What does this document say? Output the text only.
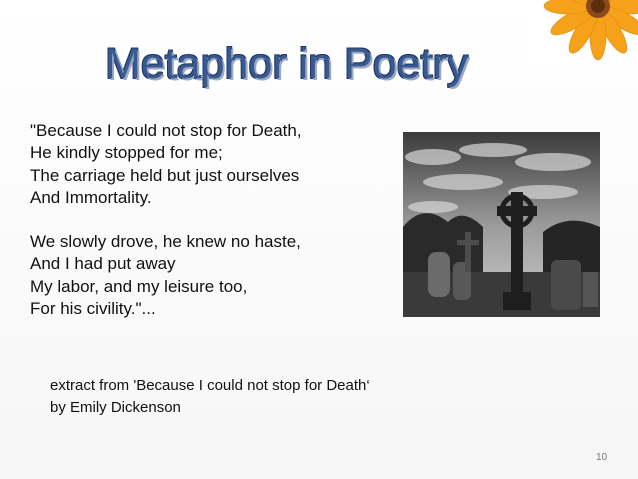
Metaphor in Poetry
"Because I could not stop for Death,
He kindly stopped for me;
The carriage held but just ourselves
And Immortality.
We slowly drove, he knew no haste,
And I had put away
My labor, and my leisure too,
For his civility."...
extract from 'Because I could not stop for Death‘
by Emily Dickenson
10
